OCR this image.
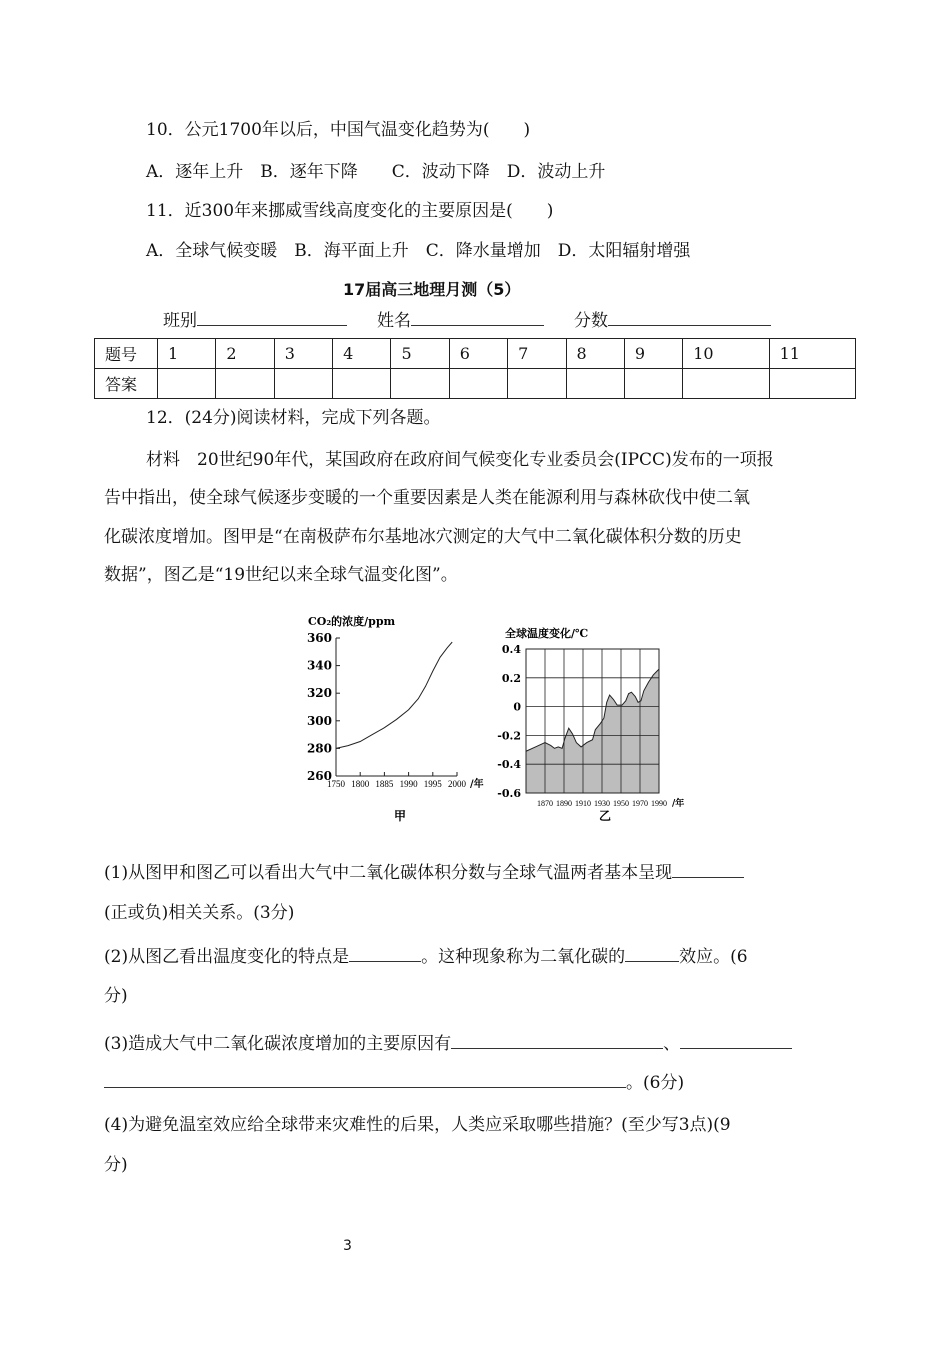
10．公元1700年以后，中国气温变化趋势为(　　)
A．逐年上升　B．逐年下降　　C．波动下降　D．波动上升
11．近300年来挪威雪线高度变化的主要原因是(　　)
A．全球气候变暖　B．海平面上升　C．降水量增加　D．太阳辐射增强
17届高三地理月测（5）
班别	姓名	分数
题号	1	2	3	4	5	6	7	8	9	10	11
答案											
12．(24分)阅读材料，完成下列各题。
材料　20世纪90年代，某国政府在政府间气候变化专业委员会(IPCC)发布的一项报
告中指出，使全球气候逐步变暖的一个重要因素是人类在能源利用与森林砍伐中使二氧
化碳浓度增加。图甲是“在南极萨布尔基地冰穴测定的大气中二氧化碳体积分数的历史
数据”，图乙是“19世纪以来全球气温变化图”。
CO₂的浓度/ppm
360
340
320
300
280
260
1750 1800 1885 1990 1995 2000 /年
甲
全球温度变化/℃
0.4
0.2
0
-0.2
-0.4
-0.6
1870 1890 1910 1930 1950 1970 1990 /年
乙
(1)从图甲和图乙可以看出大气中二氧化碳体积分数与全球气温两者基本呈现
(正或负)相关关系。(3分)
(2)从图乙看出温度变化的特点是	。这种现象称为二氧化碳的	效应。(6
分)
(3)造成大气中二氧化碳浓度增加的主要原因有	、
。(6分)
(4)为避免温室效应给全球带来灾难性的后果，人类应采取哪些措施？(至少写3点)(9
分)
3
